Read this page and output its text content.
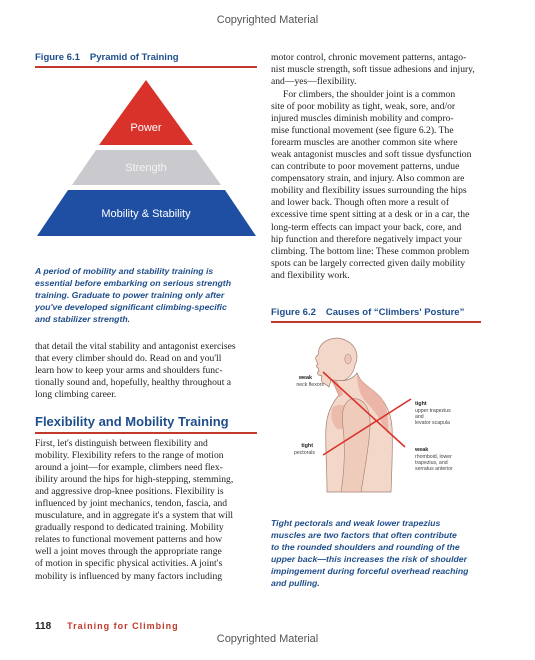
Copyrighted Material
Copyrighted Material
Figure 6.1 Pyramid of Training
Power
Strength
Mobility & Stability
A period of mobility and stability training is
essential before embarking on serious strength
training. Graduate to power training only after
you've developed significant climbing-specific
and stabilizer strength.
that detail the vital stability and antagonist exercises
that every climber should do. Read on and you'll
learn how to keep your arms and shoulders func-
tionally sound and, hopefully, healthy throughout a
long climbing career.
Flexibility and Mobility Training
First, let's distinguish between flexibility and
mobility. Flexibility refers to the range of motion
around a joint—for example, climbers need flex-
ibility around the hips for high-stepping, stemming,
and aggressive drop-knee positions. Flexibility is
influenced by joint mechanics, tendon, fascia, and
musculature, and in aggregate it's a system that will
gradually respond to dedicated training. Mobility
relates to functional movement patterns and how
well a joint moves through the appropriate range
of motion in specific physical activities. A joint's
mobility is influenced by many factors including
motor control, chronic movement patterns, antago-
nist muscle strength, soft tissue adhesions and injury,
and—yes—flexibility.
For climbers, the shoulder joint is a common
site of poor mobility as tight, weak, sore, and/or
injured muscles diminish mobility and compro-
mise functional movement (see figure 6.2). The
forearm muscles are another common site where
weak antagonist muscles and soft tissue dysfunction
can contribute to poor movement patterns, undue
compensatory strain, and injury. Also common are
mobility and flexibility issues surrounding the hips
and lower back. Though often more a result of
excessive time spent sitting at a desk or in a car, the
long-term effects can impact your back, core, and
hip function and therefore negatively impact your
climbing. The bottom line: These common problem
spots can be largely corrected given daily mobility
and flexibility work.
Figure 6.2 Causes of “Climbers' Posture”
weak
neck flexors
tight
pectorals
tight
upper trapezius
and
levator scapula
weak
rhomboid, lower
trapezius, and
serratus anterior
Tight pectorals and weak lower trapezius
muscles are two factors that often contribute
to the rounded shoulders and rounding of the
upper back—this increases the risk of shoulder
impingement during forceful overhead reaching
and pulling.
118 Training for Climbing
